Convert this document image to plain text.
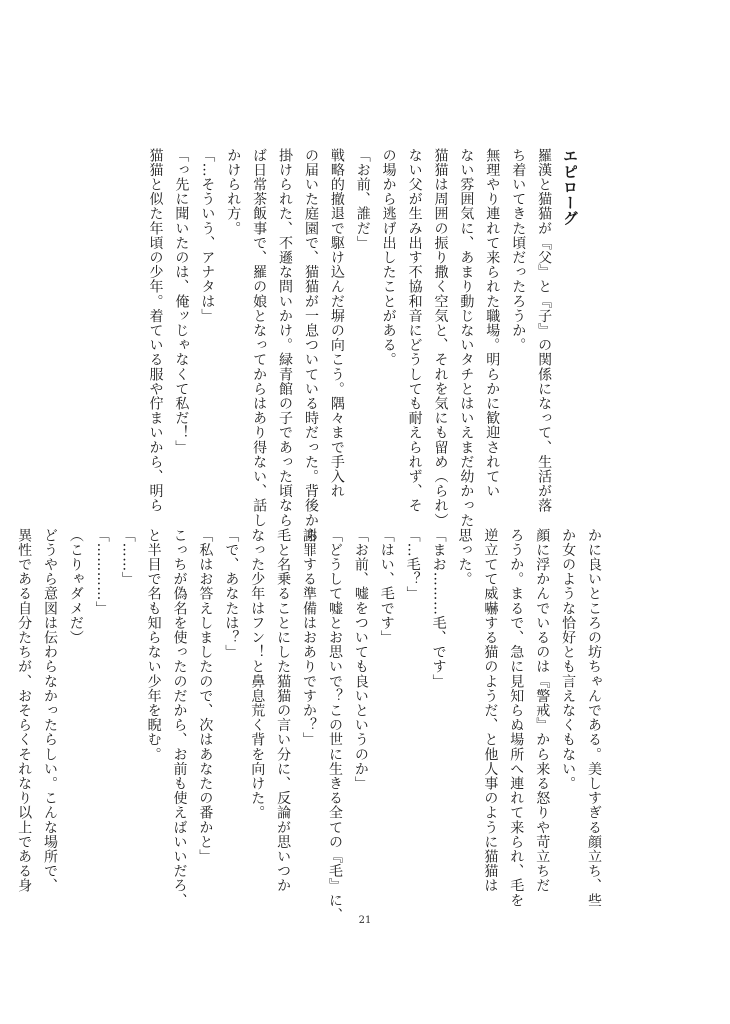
エピローグ
羅漢と猫猫が『父』と『子』の関係になって、生活が落
ち着いてきた頃だったろうか。
無理やり連れて来られた職場。明らかに歓迎されてい
ない雰囲気に、あまり動じないタチとはいえまだ幼かった
猫猫は周囲の振り撒く空気と、それを気にも留め（られ）
ない父が生み出す不協和音にどうしても耐えられず、そ
の場から逃げ出したことがある。
「お前、誰だ」
戦略的撤退で駆け込んだ塀の向こう。隅々まで手入れ
の届いた庭園で、猫猫が一息ついている時だった。背後から
掛けられた、不遜な問いかけ。緑青館の子であった頃なら
ば日常茶飯事で、羅の娘となってからはあり得ない、話し
かけられ方。
「…そういう、アナタは」
「っ先に聞いたのは、俺ッじゃなくて私だ！」
猫猫と似た年頃の少年。着ている服や佇まいから、明ら
かに良いところの坊ちゃんである。美しすぎる顔立ち、些
か女のような恰好とも言えなくもない。
顔に浮かんでいるのは『警戒』から来る怒りや苛立ちだ
ろうか。まるで、急に見知らぬ場所へ連れて来られ、毛を
逆立てて威嚇する猫のようだ、と他人事のように猫猫は
思った。
「まお………毛、です」
「…毛？」
「はい、毛です」
「お前、嘘をついても良いというのか」
「どうして嘘とお思いで？この世に生きる全ての『毛』に、
謝罪する準備はおありですか？」
毛と名乗ることにした猫猫の言い分に、反論が思いつか
なった少年はフン！と鼻息荒く背を向けた。
「で、あなたは？」
「私はお答えしましたので、次はあなたの番かと」
こっちが偽名を使ったのだから、お前も使えばいいだろ、
と半目で名も知らない少年を睨む。
「……」
「…………」
（こりゃダメだ）
どうやら意図は伝わらなかったらしい。こんな場所で、
異性である自分たちが、おそらくそれなり以上である身
21
